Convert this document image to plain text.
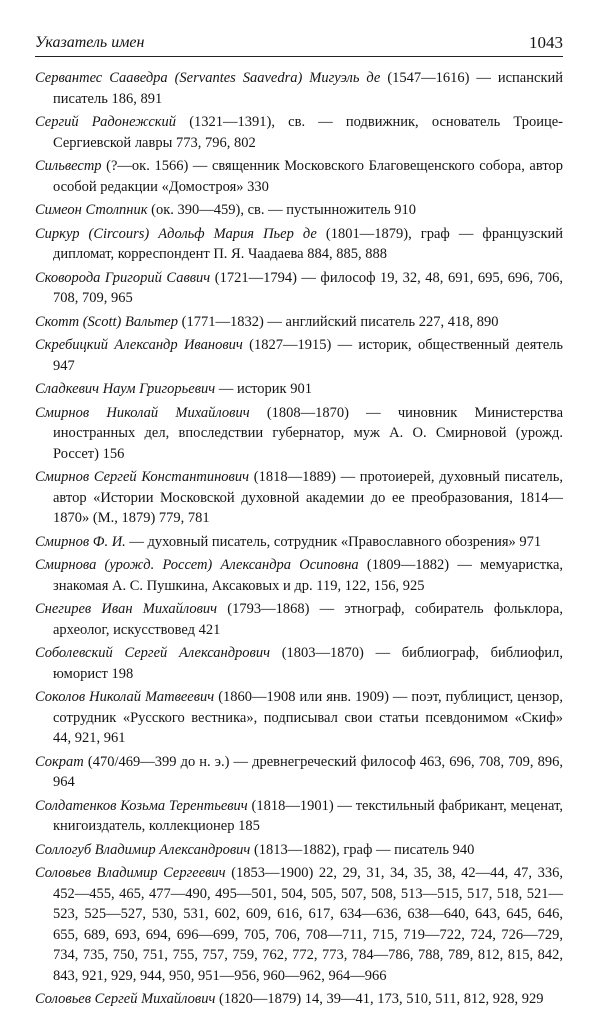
Указатель имен	1043

Сервантес Сааведра (Servantes Saavedra) Мигуэль де (1547—1616) — испанский писатель 186, 891

Сергий Радонежский (1321—1391), св. — подвижник, основатель Троице-Сергиевской лавры 773, 796, 802

Сильвестр (?—ок. 1566) — священник Московского Благовещенского собора, автор особой редакции «Домостроя» 330

Симеон Столпник (ок. 390—459), св. — пустынножитель 910

Сиркур (Circours) Адольф Мария Пьер де (1801—1879), граф — французский дипломат, корреспондент П. Я. Чаадаева 884, 885, 888

Сковорода Григорий Саввич (1721—1794) — философ 19, 32, 48, 691, 695, 696, 706, 708, 709, 965

Скотт (Scott) Вальтер (1771—1832) — английский писатель 227, 418, 890

Скребицкий Александр Иванович (1827—1915) — историк, общественный деятель 947

Сладкевич Наум Григорьевич — историк 901

Смирнов Николай Михайлович (1808—1870) — чиновник Министерства иностранных дел, впоследствии губернатор, муж А. О. Смирновой (урожд. Россет) 156

Смирнов Сергей Константинович (1818—1889) — протоиерей, духовный писатель, автор «Истории Московской духовной академии до ее преобразования, 1814—1870» (М., 1879) 779, 781

Смирнов Ф. И. — духовный писатель, сотрудник «Православного обозрения» 971

Смирнова (урожд. Россет) Александра Осиповна (1809—1882) — мемуаристка, знакомая А. С. Пушкина, Аксаковых и др. 119, 122, 156, 925

Снегирев Иван Михайлович (1793—1868) — этнограф, собиратель фольклора, археолог, искусствовед 421

Соболевский Сергей Александрович (1803—1870) — библиограф, библиофил, юморист 198

Соколов Николай Матвеевич (1860—1908 или янв. 1909) — поэт, публицист, цензор, сотрудник «Русского вестника», подписывал свои статьи псевдонимом «Скиф» 44, 921, 961

Сократ (470/469—399 до н. э.) — древнегреческий философ 463, 696, 708, 709, 896, 964

Солдатенков Козьма Терентьевич (1818—1901) — текстильный фабрикант, меценат, книгоиздатель, коллекционер 185

Соллогуб Владимир Александрович (1813—1882), граф — писатель 940

Соловьев Владимир Сергеевич (1853—1900) 22, 29, 31, 34, 35, 38, 42—44, 47, 336, 452—455, 465, 477—490, 495—501, 504, 505, 507, 508, 513—515, 517, 518, 521—523, 525—527, 530, 531, 602, 609, 616, 617, 634—636, 638—640, 643, 645, 646, 655, 689, 693, 694, 696—699, 705, 706, 708—711, 715, 719—722, 724, 726—729, 734, 735, 750, 751, 755, 757, 759, 762, 772, 773, 784—786, 788, 789, 812, 815, 842, 843, 921, 929, 944, 950, 951—956, 960—962, 964—966

Соловьев Сергей Михайлович (1820—1879) 14, 39—41, 173, 510, 511, 812, 928, 929
